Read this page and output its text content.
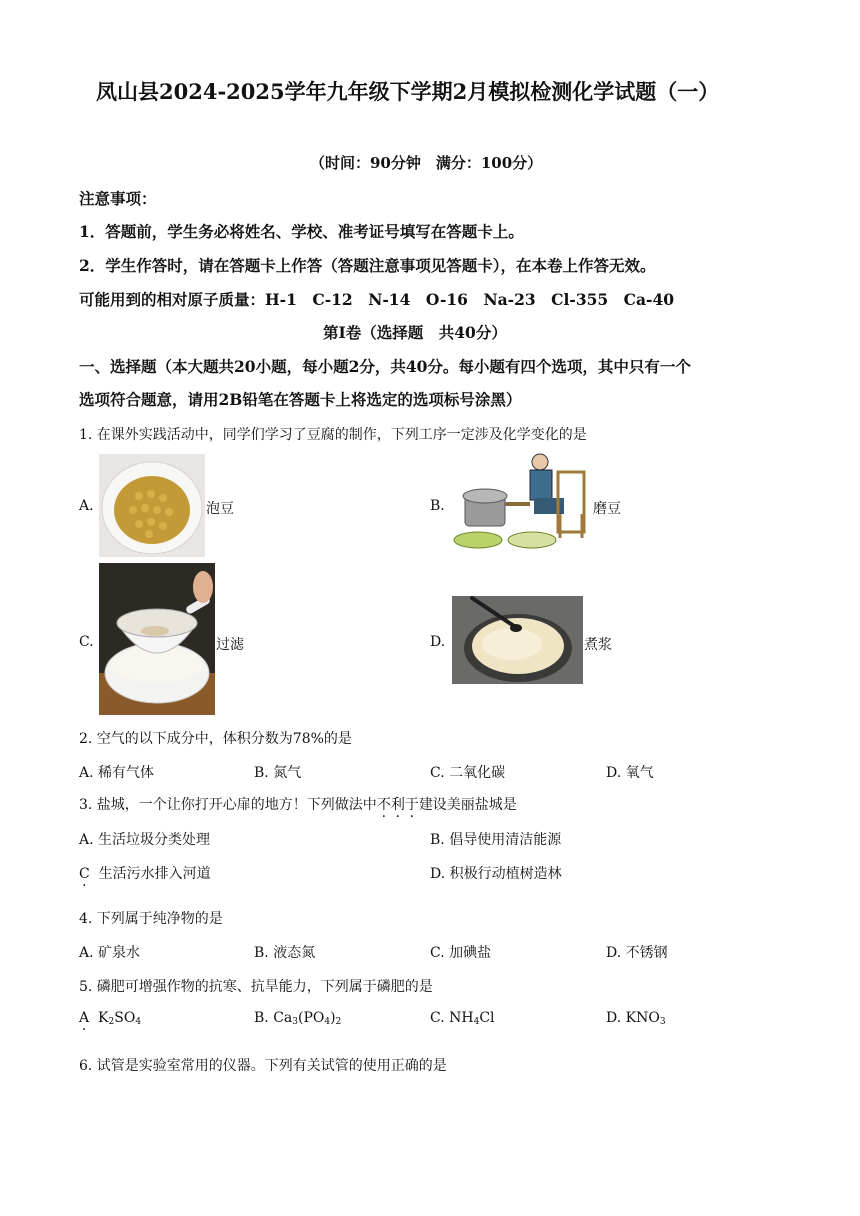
凤山县2024-2025学年九年级下学期2月模拟检测化学试题（一）
（时间：90分钟　满分：100分）
注意事项：
1．答题前，学生务必将姓名、学校、准考证号填写在答题卡上。
2．学生作答时，请在答题卡上作答（答题注意事项见答题卡），在本卷上作答无效。
可能用到的相对原子质量：H-1　C-12　N-14　O-16　Na-23　Cl-355　Ca-40
第Ⅰ卷（选择题　共40分）
一、选择题（本大题共20小题，每小题2分，共40分。每小题有四个选项，其中只有一个
选项符合题意，请用2B铅笔在答题卡上将选定的选项标号涂黑）
1. 在课外实践活动中，同学们学习了豆腐的制作，下列工序一定涉及化学变化的是
A.	泡豆	B.	磨豆
C.	过滤	D.	煮浆
2. 空气的以下成分中，体积分数为78%的是
A. 稀有气体	B. 氮气	C. 二氧化碳	D. 氧气
3. 盐城，一个让你打开心扉的地方！下列做法中不利于建设美丽盐城是
A. 生活垃圾分类处理	B. 倡导使用清洁能源
C · 生活污水排入河道	D. 积极行动植树造林
4. 下列属于纯净物的是
A. 矿泉水	B. 液态氮	C. 加碘盐	D. 不锈钢
5. 磷肥可增强作物的抗寒、抗旱能力，下列属于磷肥的是
$A \cdot K_2SO_4$	B. $Ca_3(PO_4)_2$	C. $NH_4Cl$	D. $KNO_3$
6. 试管是实验室常用的仪器。下列有关试管的使用正确的是
